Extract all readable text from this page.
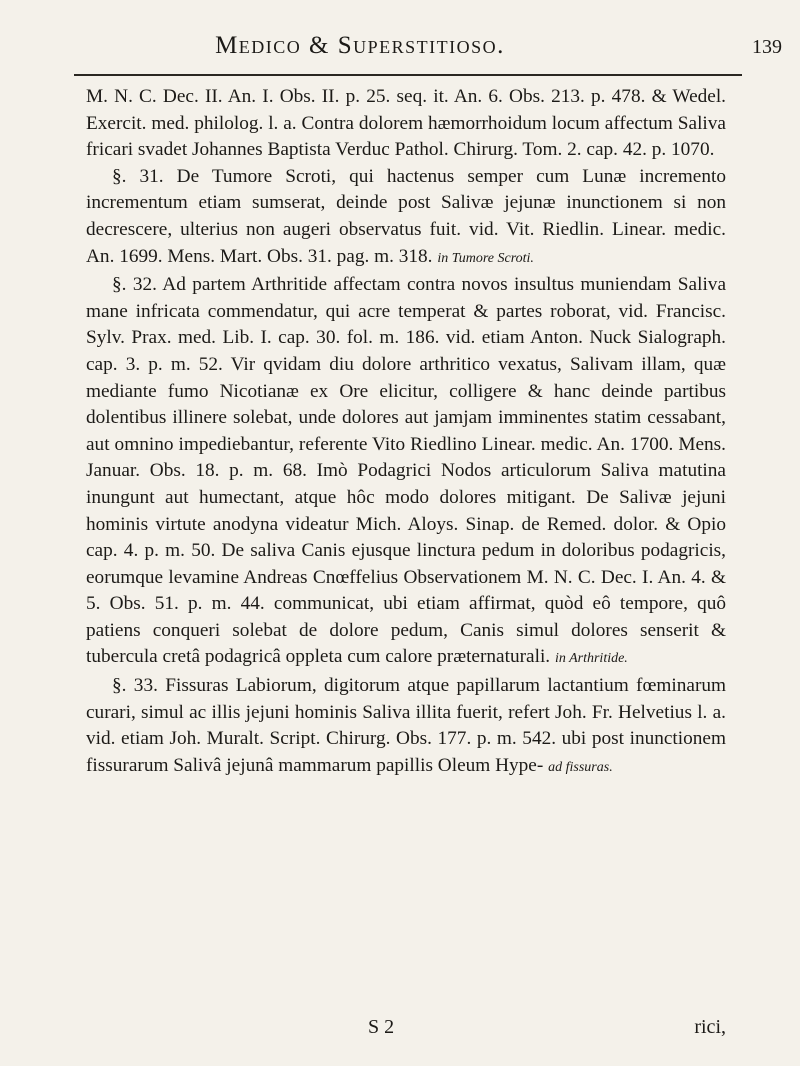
Medico & Superstitioso.	139

M. N. C. Dec. II. An. I. Obs. II. p. 25. seq. it. An. 6. Obs. 213. p. 478. & Wedel. Exercit. med. philolog. l. a. Contra dolorem hæmorrhoidum locum affectum Saliva fricari svadet Johannes Baptista Verduc Pathol. Chirurg. Tom. 2. cap. 42. p. 1070.

§. 31. De Tumore Scroti, qui hactenus semper cum Lunæ incremento incrementum etiam sumserat, deinde post Salivæ jejunæ inunctionem si non decrescere, ulterius non augeri observatus fuit. vid. Vit. Riedlin. Linear. medic. An. 1699. Mens. Mart. Obs. 31. pag. m. 318. in Tumore Scroti.

§. 32. Ad partem Arthritide affectam contra novos insultus muniendam Saliva mane infricata commendatur, qui acre temperat & partes roborat, vid. Francisc. Sylv. Prax. med. Lib. I. cap. 30. fol. m. 186. vid. etiam Anton. Nuck Sialograph. cap. 3. p. m. 52. Vir qvidam diu dolore arthritico vexatus, Salivam illam, quæ mediante fumo Nicotianæ ex Ore elicitur, colligere & hanc deinde partibus dolentibus illinere solebat, unde dolores aut jamjam imminentes statim cessabant, aut omnino impediebantur, referente Vito Riedlino Linear. medic. An. 1700. Mens. Januar. Obs. 18. p. m. 68. Imò Podagrici Nodos articulorum Saliva matutina inungunt aut humectant, atque hôc modo dolores mitigant. De Salivæ jejuni hominis virtute anodyna videatur Mich. Aloys. Sinap. de Remed. dolor. & Opio cap. 4. p. m. 50. De saliva Canis ejusque linctura pedum in doloribus podagricis, eorumque levamine Andreas Cnœffelius Observationem M. N. C. Dec. I. An. 4. & 5. Obs. 51. p. m. 44. communicat, ubi etiam affirmat, quòd eô tempore, quô patiens conqueri solebat de dolore pedum, Canis simul dolores senserit & tubercula cretâ podagricâ oppleta cum calore præternaturali. in Arthritide.

§. 33. Fissuras Labiorum, digitorum atque papillarum lactantium fœminarum curari, simul ac illis jejuni hominis Saliva illita fuerit, refert Joh. Fr. Helvetius l. a. vid. etiam Joh. Muralt. Script. Chirurg. Obs. 177. p. m. 542. ubi post inunctionem fissurarum Salivâ jejunâ mammarum papillis Oleum Hype- ad fissuras.

S 2	rici,
